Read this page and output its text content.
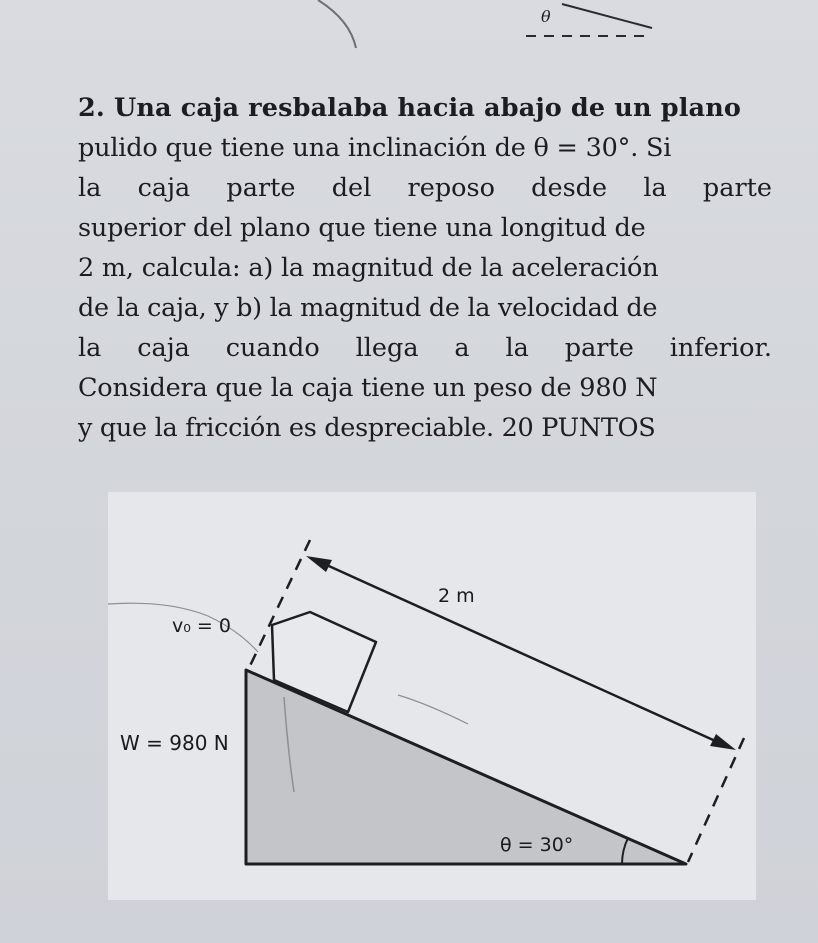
θ
2. Una caja resbalaba hacia abajo de un plano
pulido que tiene una inclinación de θ = 30°. Si
la caja parte del reposo desde la parte
superior del plano que tiene una longitud de
2 m, calcula: a) la magnitud de la aceleración
de la caja, y b) la magnitud de la velocidad de
la caja cuando llega a la parte inferior.
Considera que la caja tiene un peso de 980 N
y que la fricción es despreciable. 20 PUNTOS
2 m
v₀ = 0
W = 980 N
θ = 30°
